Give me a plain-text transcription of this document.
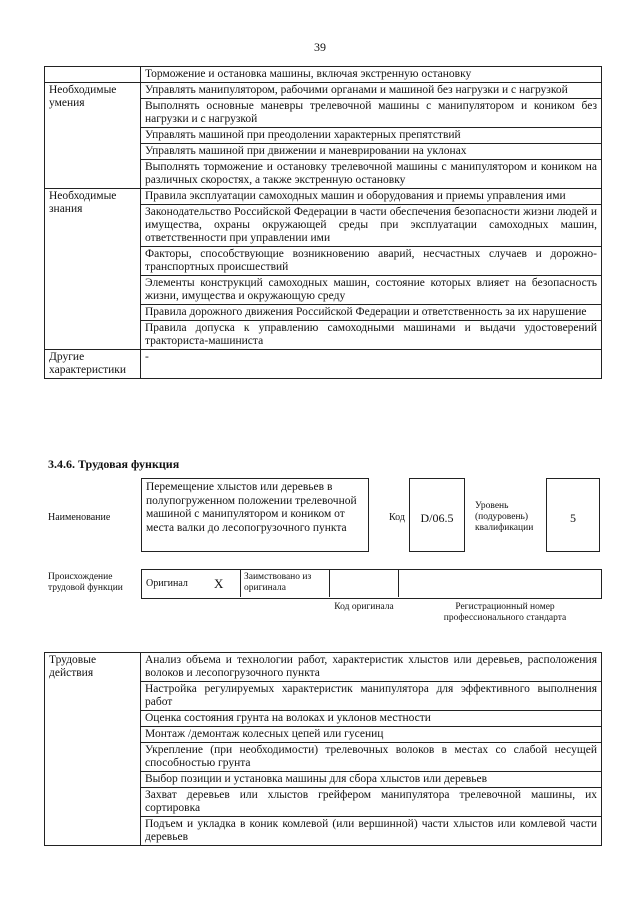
39
	Торможение и остановка машины, включая экстренную остановку
Необходимые умения	Управлять манипулятором, рабочими органами и машиной без нагрузки и с нагрузкой
	Выполнять основные маневры трелевочной машины с манипулятором и коником без нагрузки и с нагрузкой
	Управлять машиной при преодолении характерных препятствий
	Управлять машиной при движении и маневрировании на уклонах
	Выполнять торможение и остановку трелевочной машины с манипулятором и коником на различных скоростях, а также экстренную остановку
Необходимые знания	Правила эксплуатации самоходных машин и оборудования и приемы управления ими
	Законодательство Российской Федерации в части обеспечения безопасности жизни людей и имущества, охраны окружающей среды при эксплуатации самоходных машин, ответственности при управлении ими
	Факторы, способствующие возникновению аварий, несчастных случаев и дорожно-транспортных происшествий
	Элементы конструкций самоходных машин, состояние которых влияет на безопасность жизни, имущества и окружающую среду
	Правила дорожного движения Российской Федерации и ответственность за их нарушение
	Правила допуска к управлению самоходными машинами и выдачи удостоверений тракториста-машиниста
Другие характеристики	-
3.4.6. Трудовая функция
Наименование
Перемещение хлыстов или деревьев в полупогруженном положении трелевочной машиной с манипулятором и коником от места валки до лесопогрузочного пункта
Код	D/06.5
Уровень (подуровень) квалификации
5
Происхождение трудовой функции	Оригинал X Заимствовано из оригинала
Код оригинала	Регистрационный номер профессионального стандарта
Трудовые действия	Анализ объема и технологии работ, характеристик хлыстов или деревьев, расположения волоков и лесопогрузочного пункта
Настройка регулируемых характеристик манипулятора для эффективного выполнения работ
Оценка состояния грунта на волоках и уклонов местности
Монтаж /демонтаж колесных цепей или гусениц
Укрепление (при необходимости) трелевочных волоков в местах со слабой несущей способностью грунта
Выбор позиции и установка машины для сбора хлыстов или деревьев
Захват деревьев или хлыстов грейфером манипулятора трелевочной машины, их сортировка
Подъем и укладка в коник комлевой (или вершинной) части хлыстов или комлевой части деревьев
